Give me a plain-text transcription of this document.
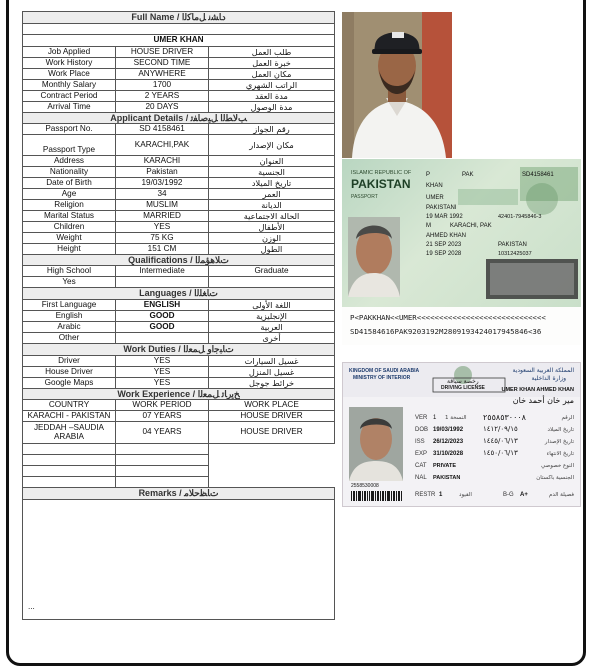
Full Name / دﺎﺸﻧ ﻞﻣﺎﻛﻟا		

UMER KHAN		
Job Applied	HOUSE DRIVER	طلب العمل
Work History	SECOND TIME	خبرة العمل
Work Place	ANYWHERE	مكان العمل
Monthly Salary	1700	الراتب الشهري
Contract Period	2 YEARS	مدة العقد
Arrival Time	20 DAYS	مدة الوصول
Applicant Details / ﺐﻟﺎﻄﻟا ﻞﻴﺻﺎﻔﺗ		
Passport No.	SD 4158461	رقم الجواز
Passport Type	KARACHI,PAK	مكان الإصدار
Address	KARACHI	العنوان
Nationality	Pakistan	الجنسية
Date of Birth	19/03/1992	تاريخ الميلاد
Age	34	العمر
Religion	MUSLIM	الديانة
Marital Status	MARRIED	الحالة الاجتماعية
Children	YES	الأطفال
Weight	75 KG	الوزن
Height	151 CM	الطول
Qualifications / تﻼﻫﺆﻤﻟا		
High School	Intermediate	Graduate
Yes		
Languages / تﺎﻐﻠﻟا		
First Language	ENGLISH	اللغة الأولى
English	GOOD	الإنجليزية
Arabic	GOOD	العربية
Other		أخرى
Work Duties / تﺎﺒﺟاو ﻞﻤﻌﻟا		
Driver	YES	غسيل السيارات
House Driver	YES	غسيل المنزل
Google Maps	YES	خرائط جوجل
Work Experience / ﺦﻳرﺎﺗ ﻞﻤﻌﻟا		
COUNTRY	WORK PERIOD	WORK PLACE
KARACHI - PAKISTAN	07 YEARS	HOUSE DRIVER
JEDDAH –SAUDIA ARABIA	04 YEARS	HOUSE DRIVER

Remarks / تﺎﻈﺣﻼﻣ		
...		
ISLAMIC REPUBLIC OF
PAKISTAN
PASSPORT
P	PAK	SD4158461
KHAN
UMER
PAKISTANI
19 MAR 1992	42401-7945846-3
M	KARACHI, PAK
AHMED KHAN
21 SEP 2023	PAKISTAN
19 SEP 2028	10312425037
P<PAKKHAN<<UMER<<<<<<<<<<<<<<<<<<<<<<<<<<<<<
SD41584616PAK9203192M2809193424017945846<36
KINGDOM OF SAUDI ARABIA
MINISTRY OF INTERIOR
المملكة العربية السعودية
وزارة الداخلية
رخصة سياقة
DRIVING LICENSE	UMER KHAN AHMED KHAN
مير خان أحمد خان
VER 1 النسخة 1 ٢٥٥٨٥٣٠٠٠٨	الرقم
DOB 19/03/1992	١٤١٢/٠٩/١٥	تاريخ الميلاد
ISS 26/12/2023	١٤٤٥/٠٦/١٣	تاريخ الإصدار
EXP 31/10/2028	١٤٥٠/٠٦/١٣	تاريخ الانتهاء
CAT PRIVATE	النوع خصوصي
NAL PAKISTAN	الجنسية باكستان
2558530008
RESTR 1	القيود	B-G A+	فصيلة الدم
